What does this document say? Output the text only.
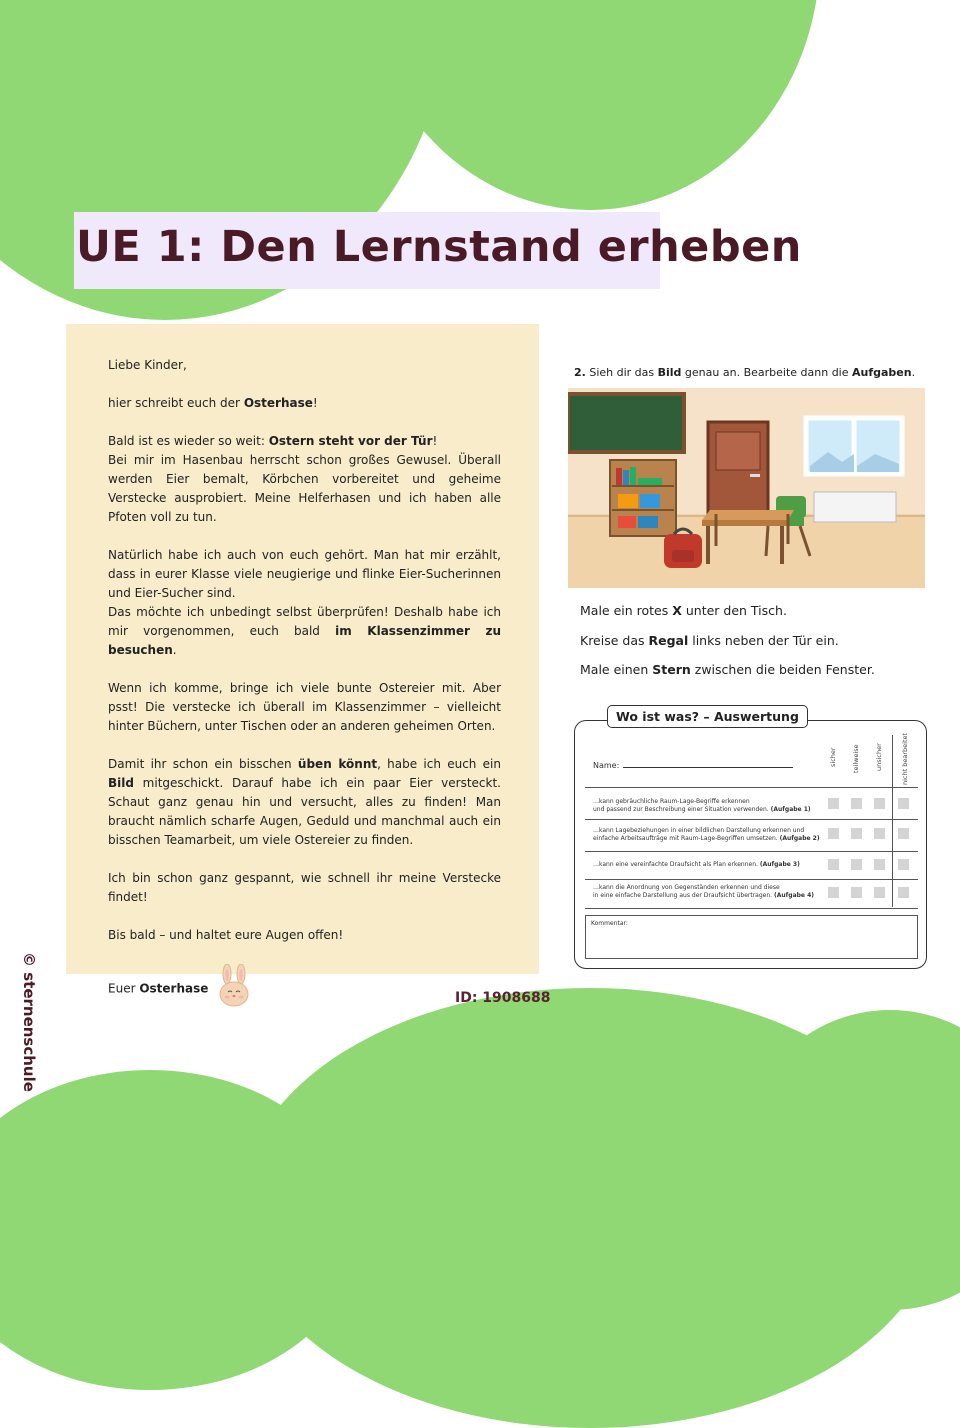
UE 1: Den Lernstand erheben

Liebe Kinder,

hier schreibt euch der Osterhase!

Bald ist es wieder so weit: Ostern steht vor der Tür!
Bei mir im Hasenbau herrscht schon großes Gewusel. Überall werden Eier bemalt, Körbchen vorbereitet und geheime Verstecke ausprobiert. Meine Helferhasen und ich haben alle Pfoten voll zu tun.

Natürlich habe ich auch von euch gehört. Man hat mir erzählt, dass in eurer Klasse viele neugierige und flinke Eier-Sucherinnen und Eier-Sucher sind.
Das möchte ich unbedingt selbst überprüfen! Deshalb habe ich mir vorgenommen, euch bald im Klassenzimmer zu besuchen.

Wenn ich komme, bringe ich viele bunte Ostereier mit. Aber psst! Die verstecke ich überall im Klassenzimmer – vielleicht hinter Büchern, unter Tischen oder an anderen geheimen Orten.

Damit ihr schon ein bisschen üben könnt, habe ich euch ein Bild mitgeschickt. Darauf habe ich ein paar Eier versteckt. Schaut ganz genau hin und versucht, alles zu finden! Man braucht nämlich scharfe Augen, Geduld und manchmal auch ein bisschen Teamarbeit, um viele Ostereier zu finden.

Ich bin schon ganz gespannt, wie schnell ihr meine Verstecke findet!

Bis bald – und haltet eure Augen offen!

Euer Osterhase

2. Sieh dir das Bild genau an. Bearbeite dann die Aufgaben.
Male ein rotes X unter den Tisch.
Kreise das Regal links neben der Tür ein.
Male einen Stern zwischen die beiden Fenster.
Name:	sicher teilweise unsicher	nicht bearbeitet
…kann gebräuchliche Raum-Lage-Begriffe erkennen
und passend zur Beschreibung einer Situation verwenden. (Aufgabe 1)
…kann Lagebeziehungen in einer bildlichen Darstellung erkennen und
einfache Arbeitsaufträge mit Raum-Lage-Begriffen umsetzen. (Aufgabe 2)
…kann eine vereinfachte Draufsicht als Plan erkennen. (Aufgabe 3)
…kann die Anordnung von Gegenständen erkennen und diese
in eine einfache Darstellung aus der Draufsicht übertragen. (Aufgabe 4)
Kommentar:
Wo ist was? – Auswertung
ID: 1908688
© sternenschule
